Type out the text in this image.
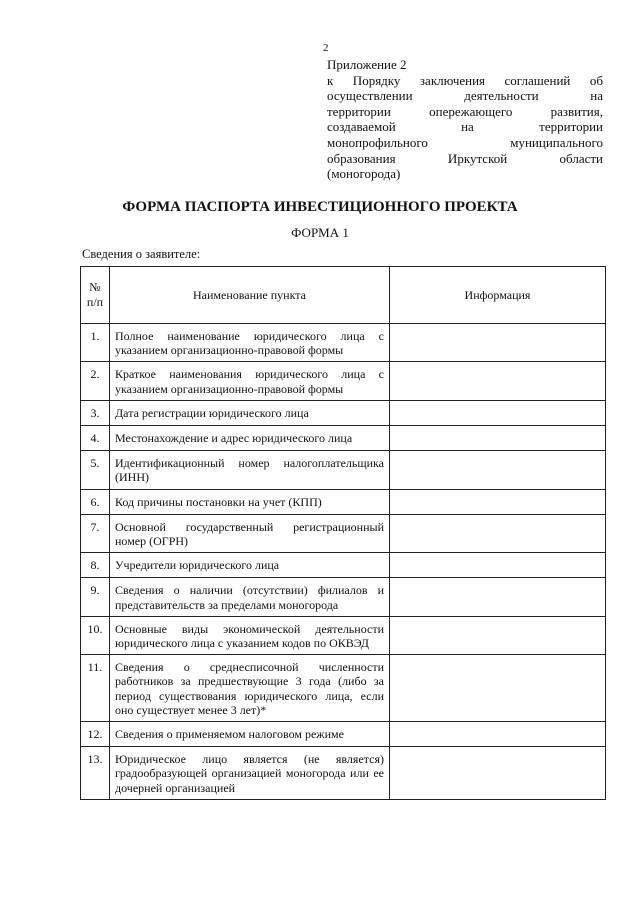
2
Приложение 2
к Порядку заключения соглашений об
осуществлении деятельности на
территории опережающего развития,
создаваемой на территории
монопрофильного муниципального
образования Иркутской области
(моногорода)
ФОРМА ПАСПОРТА ИНВЕСТИЦИОННОГО ПРОЕКТА
ФОРМА 1
Сведения о заявителе:
№
п/п	Наименование пункта	Информация
1.	Полное наименование юридического лица с указанием организационно-правовой формы	
2.	Краткое наименования юридического лица с указанием организационно-правовой формы	
3.	Дата регистрации юридического лица	
4.	Местонахождение и адрес юридического лица	
5.	Идентификационный номер налогоплательщика (ИНН)	
6.	Код причины постановки на учет (КПП)	
7.	Основной государственный регистрационный номер (ОГРН)	
8.	Учредители юридического лица	
9.	Сведения о наличии (отсутствии) филиалов и представительств за пределами моногорода	
10.	Основные виды экономической деятельности юридического лица с указанием кодов по ОКВЭД	
11.	Сведения о среднесписочной численности работников за предшествующие 3 года (либо за период существования юридического лица, если оно существует менее 3 лет)*	
12.	Сведения о применяемом налоговом режиме	
13.	Юридическое лицо является (не является) градообразующей организацией моногорода или ее дочерней организацией	
